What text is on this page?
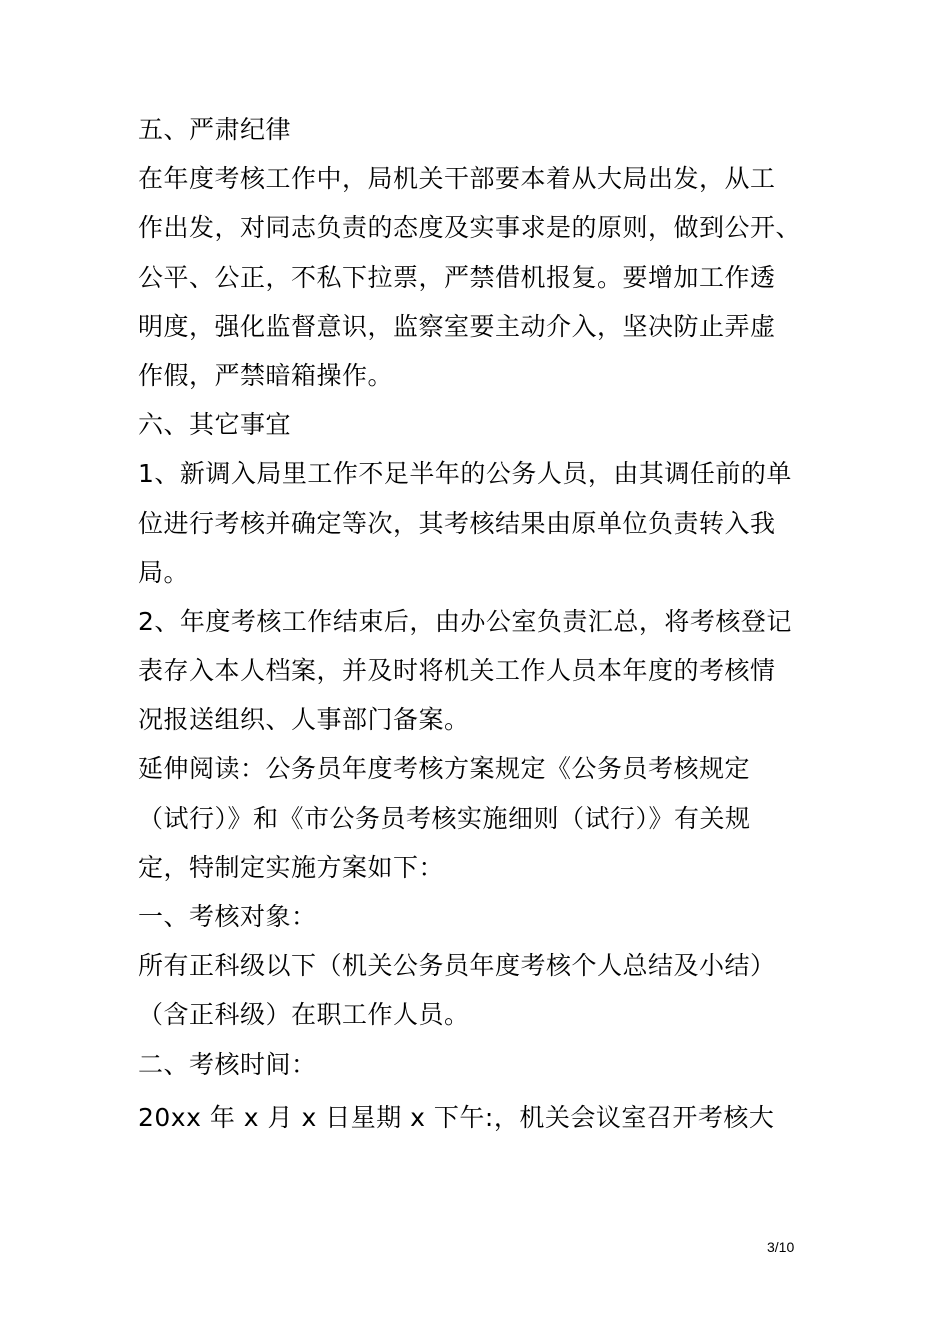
五、严肃纪律
在年度考核工作中，局机关干部要本着从大局出发，从工
作出发，对同志负责的态度及实事求是的原则，做到公开、
公平、公正，不私下拉票，严禁借机报复。要增加工作透
明度，强化监督意识，监察室要主动介入，坚决防止弄虚
作假，严禁暗箱操作。
六、其它事宜
1、新调入局里工作不足半年的公务人员，由其调任前的单
位进行考核并确定等次，其考核结果由原单位负责转入我
局。
2、年度考核工作结束后，由办公室负责汇总，将考核登记
表存入本人档案，并及时将机关工作人员本年度的考核情
况报送组织、人事部门备案。
延伸阅读：公务员年度考核方案规定《公务员考核规定
（试行）》和《市公务员考核实施细则（试行）》有关规
定，特制定实施方案如下：
一、考核对象：
所有正科级以下（机关公务员年度考核个人总结及小结）
（含正科级）在职工作人员。
二、考核时间：
20xx 年 x 月 x 日星期 x 下午:，机关会议室召开考核大
3/10
